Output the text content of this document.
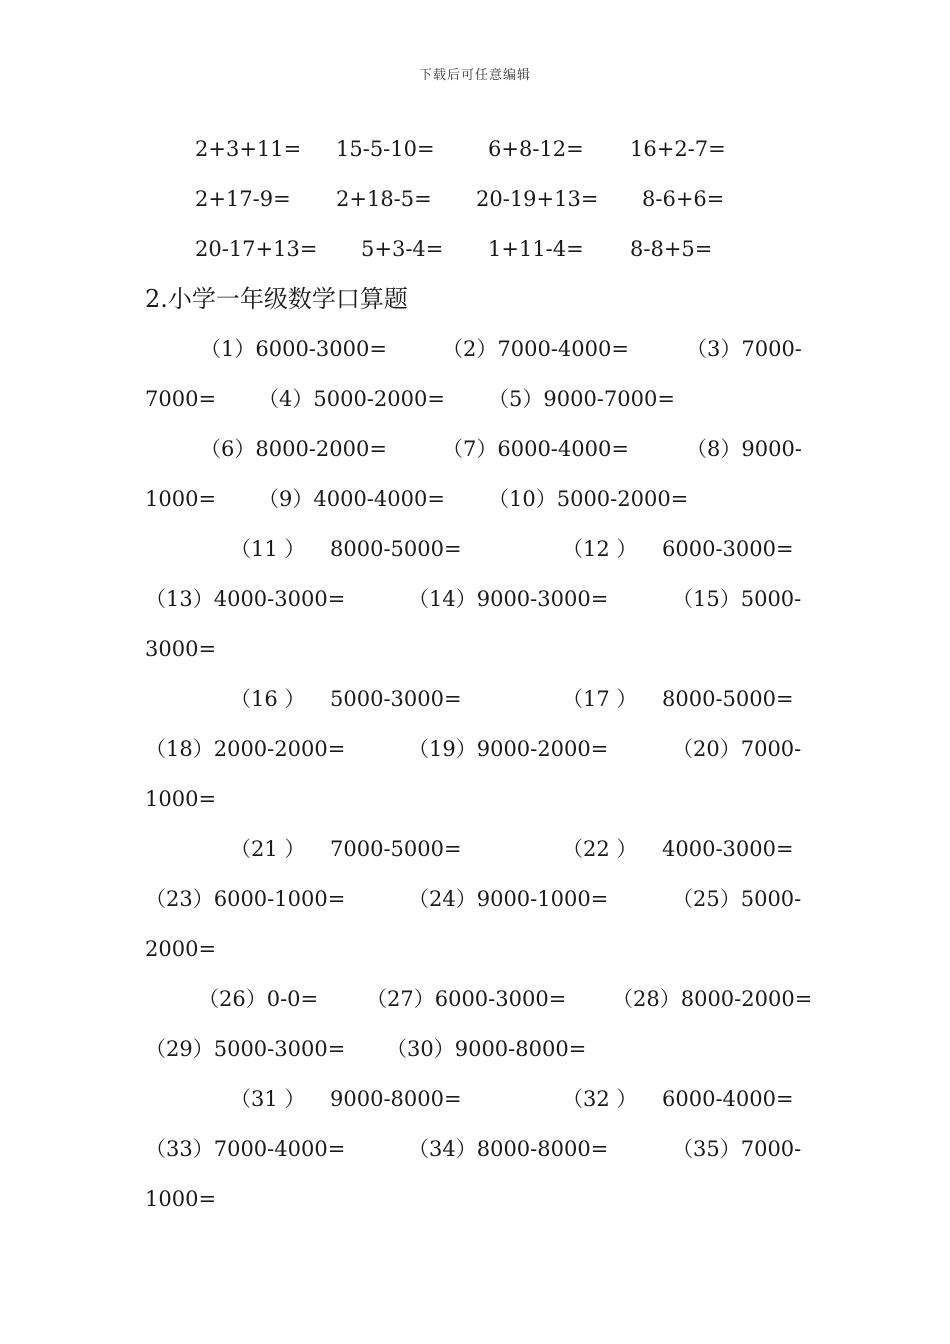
下载后可任意编辑
2+3+11= 15-5-10=	6+8-12= 16+2-7=
2+17-9= 2+18-5= 20-19+13= 8-6+6=
20-17+13= 5+3-4= 1+11-4= 8-8+5=
2.小学一年级数学口算题
（1）6000-3000=	（2）7000-4000=	（3）7000-
7000= （4）5000-2000= （5）9000-7000=
（6）8000-2000=	（7）6000-4000=	（8）9000-
1000= （9）4000-4000= （10）5000-2000=
（11 ） 8000-5000=	（12 ） 6000-3000=
（13）4000-3000=	（14）9000-3000=	（15）5000-
3000=
（16 ） 5000-3000=	（17 ） 8000-5000=
（18）2000-2000=	（19）9000-2000=	（20）7000-
1000=
（21 ） 7000-5000=	（22 ） 4000-3000=
（23）6000-1000=	（24）9000-1000=	（25）5000-
2000=
（26）0-0= （27）6000-3000= （28）8000-2000=
（29）5000-3000= （30）9000-8000=
（31 ） 9000-8000=	（32 ） 6000-4000=
（33）7000-4000=	（34）8000-8000=	（35）7000-
1000=
